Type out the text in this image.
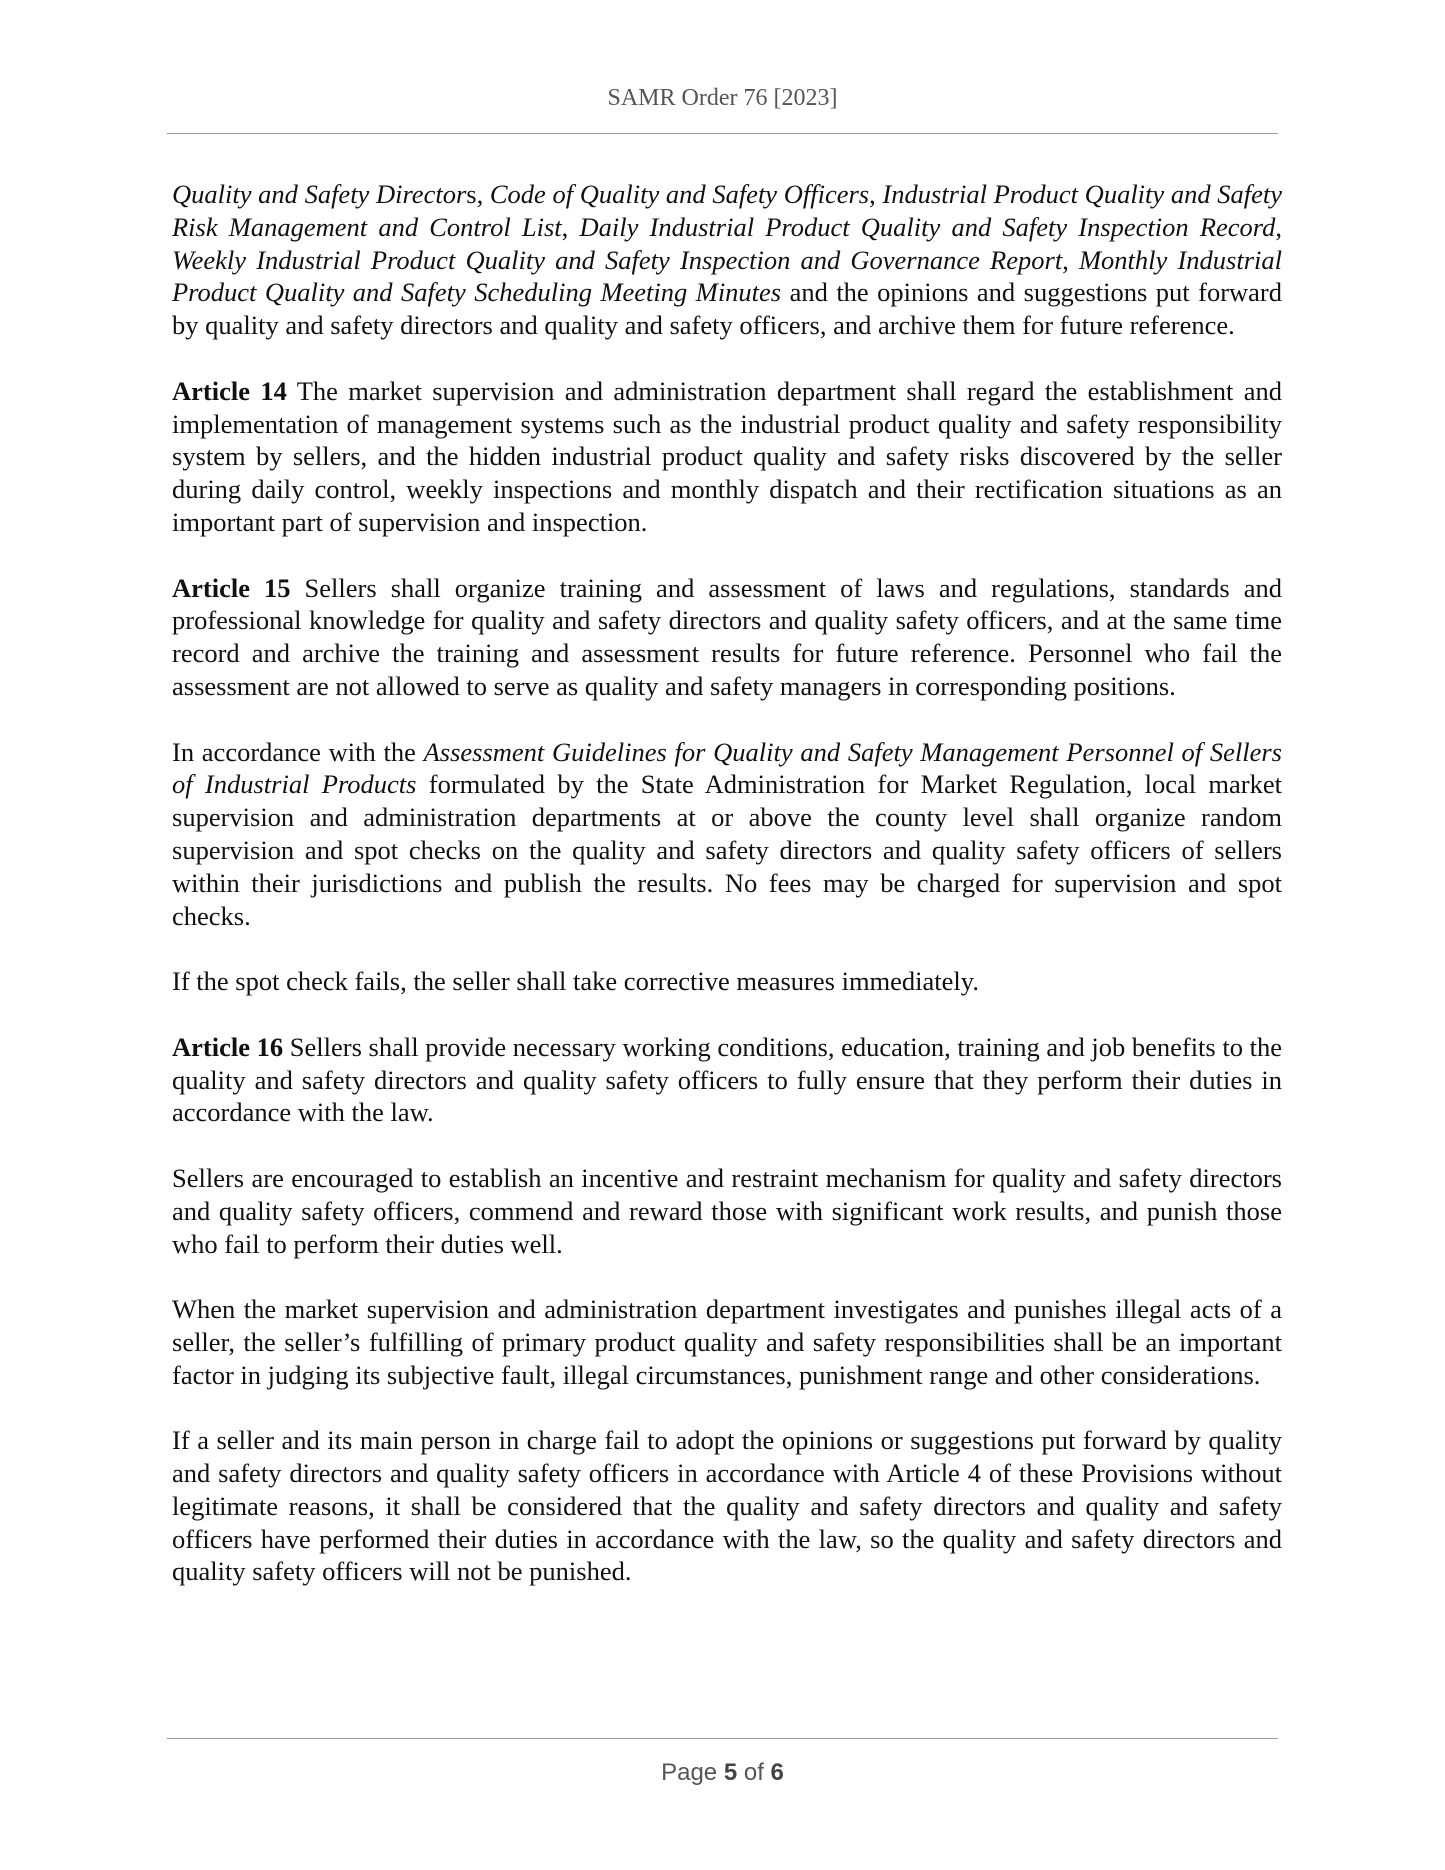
SAMR Order 76 [2023]

Quality and Safety Directors, Code of Quality and Safety Officers, Industrial Product Quality and Safety Risk Management and Control List, Daily Industrial Product Quality and Safety Inspection Record, Weekly Industrial Product Quality and Safety Inspection and Governance Report, Monthly Industrial Product Quality and Safety Scheduling Meeting Minutes and the opinions and suggestions put forward by quality and safety directors and quality and safety officers, and archive them for future reference.

Article 14 The market supervision and administration department shall regard the establishment and implementation of management systems such as the industrial product quality and safety responsibility system by sellers, and the hidden industrial product quality and safety risks discovered by the seller during daily control, weekly inspections and monthly dispatch and their rectification situations as an important part of supervision and inspection.

Article 15 Sellers shall organize training and assessment of laws and regulations, standards and professional knowledge for quality and safety directors and quality safety officers, and at the same time record and archive the training and assessment results for future reference. Personnel who fail the assessment are not allowed to serve as quality and safety managers in corresponding positions.

In accordance with the Assessment Guidelines for Quality and Safety Management Personnel of Sellers of Industrial Products formulated by the State Administration for Market Regulation, local market supervision and administration departments at or above the county level shall organize random supervision and spot checks on the quality and safety directors and quality safety officers of sellers within their jurisdictions and publish the results. No fees may be charged for supervision and spot checks.

If the spot check fails, the seller shall take corrective measures immediately.

Article 16 Sellers shall provide necessary working conditions, education, training and job benefits to the quality and safety directors and quality safety officers to fully ensure that they perform their duties in accordance with the law.

Sellers are encouraged to establish an incentive and restraint mechanism for quality and safety directors and quality safety officers, commend and reward those with significant work results, and punish those who fail to perform their duties well.

When the market supervision and administration department investigates and punishes illegal acts of a seller, the seller’s fulfilling of primary product quality and safety responsibilities shall be an important factor in judging its subjective fault, illegal circumstances, punishment range and other considerations.

If a seller and its main person in charge fail to adopt the opinions or suggestions put forward by quality and safety directors and quality safety officers in accordance with Article 4 of these Provisions without legitimate reasons, it shall be considered that the quality and safety directors and quality and safety officers have performed their duties in accordance with the law, so the quality and safety directors and quality safety officers will not be punished.

Page 5 of 6
